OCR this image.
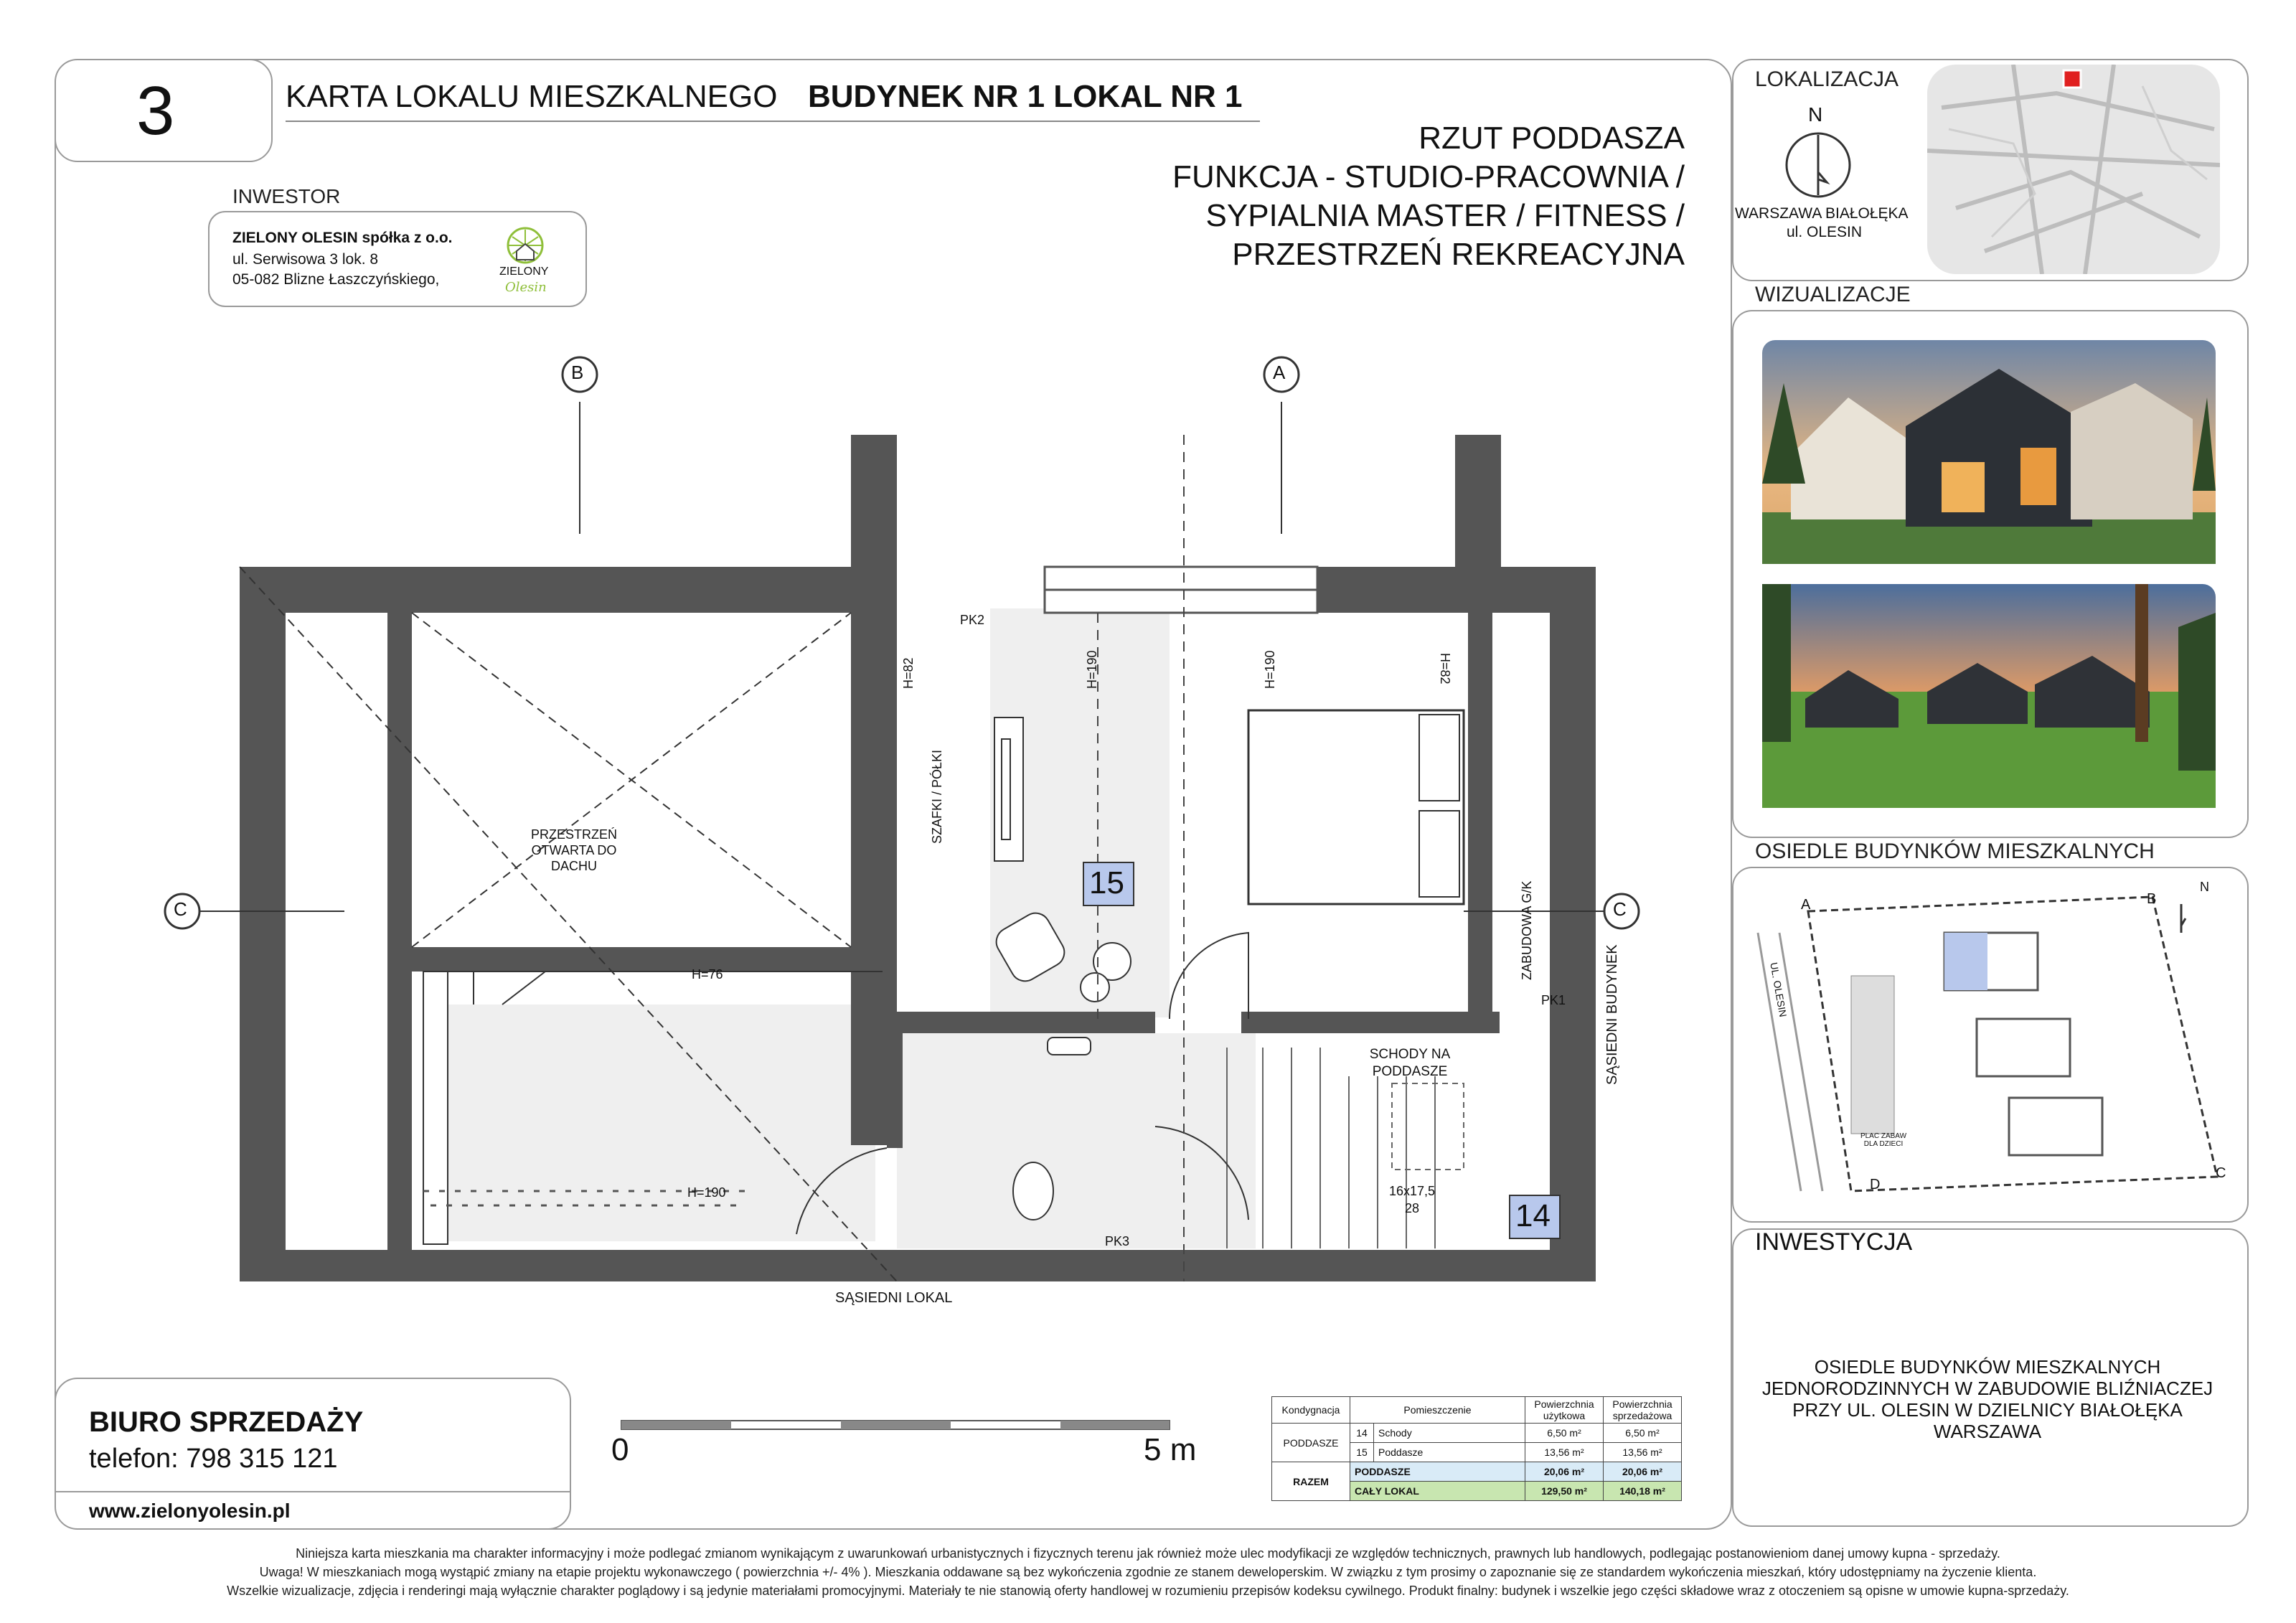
3	KARTA LOKALU MIESZKALNEGO BUDYNEK NR 1 LOKAL NR 1
INWESTOR
ZIELONY OLESIN spółka z o.o.
ul. Serwisowa 3 lok. 8
05-082 Blizne Łaszczyńskiego,	ZIELONY
Olesin
RZUT PODDASZA
FUNKCJA - STUDIO-PRACOWNIA /
SYPIALNIA MASTER / FITNESS /
PRZESTRZEŃ REKREACYJNA
LOKALIZACJA
N
WARSZAWA BIAŁOŁĘKA
ul. OLESIN
WIZUALIZACJE
OSIEDLE BUDYNKÓW MIESZKALNYCH
A	B
C
D
N
UL. OLESIN
PLAC ZABAW DLA DZIECI
INWESTYCJA
OSIEDLE BUDYNKÓW MIESZKALNYCH
JEDNORODZINNYCH W ZABUDOWIE BLIŹNIACZEJ
PRZY UL. OLESIN W DZIELNICY BIAŁOŁĘKA
WARSZAWA
B	A
C	C
PRZESTRZEŃ OTWARTA DO DACHU
SZAFKI / PÓŁKI
H=82	H=190	H=190	H=82
H=76
H=190
PK2
PK1
PK3
15
14
SCHODY NA PODDASZE
16x17,5
28
ZABUDOWA G/K
SĄSIEDNI BUDYNEK
SĄSIEDNI LOKAL
BIURO SPRZEDAŻY
telefon: 798 315 121
www.zielonyolesin.pl
0	5 m
Kondygnacja	Pomieszczenie		Powierzchnia użytkowa	Powierzchnia sprzedażowa
PODDASZE	14	Schody	6,50 m²	6,50 m²
	15	Poddasze	13,56 m²	13,56 m²
RAZEM	PODDASZE		20,06 m²	20,06 m²
	CAŁY LOKAL		129,50 m²	140,18 m²
Niniejsza karta mieszkania ma charakter informacyjny i może podlegać zmianom wynikającym z uwarunkowań urbanistycznych i fizycznych terenu jak również może ulec modyfikacji ze względów technicznych, prawnych lub handlowych, podlegając postanowieniom danej umowy kupna - sprzedaży.
Uwaga! W mieszkaniach mogą wystąpić zmiany na etapie projektu wykonawczego ( powierzchnia +/- 4% ). Mieszkania oddawane są bez wykończenia zgodnie ze stanem deweloperskim. W związku z tym prosimy o zapoznanie się ze standardem wykończenia mieszkań, który udostępniamy na życzenie klienta.
Wszelkie wizualizacje, zdjęcia i renderingi mają wyłącznie charakter poglądowy i są jedynie materiałami promocyjnymi. Materiały te nie stanowią oferty handlowej w rozumieniu przepisów kodeksu cywilnego. Produkt finalny: budynek i wszelkie jego części składowe wraz z otoczeniem są opisne w umowie kupna-sprzedaży.
